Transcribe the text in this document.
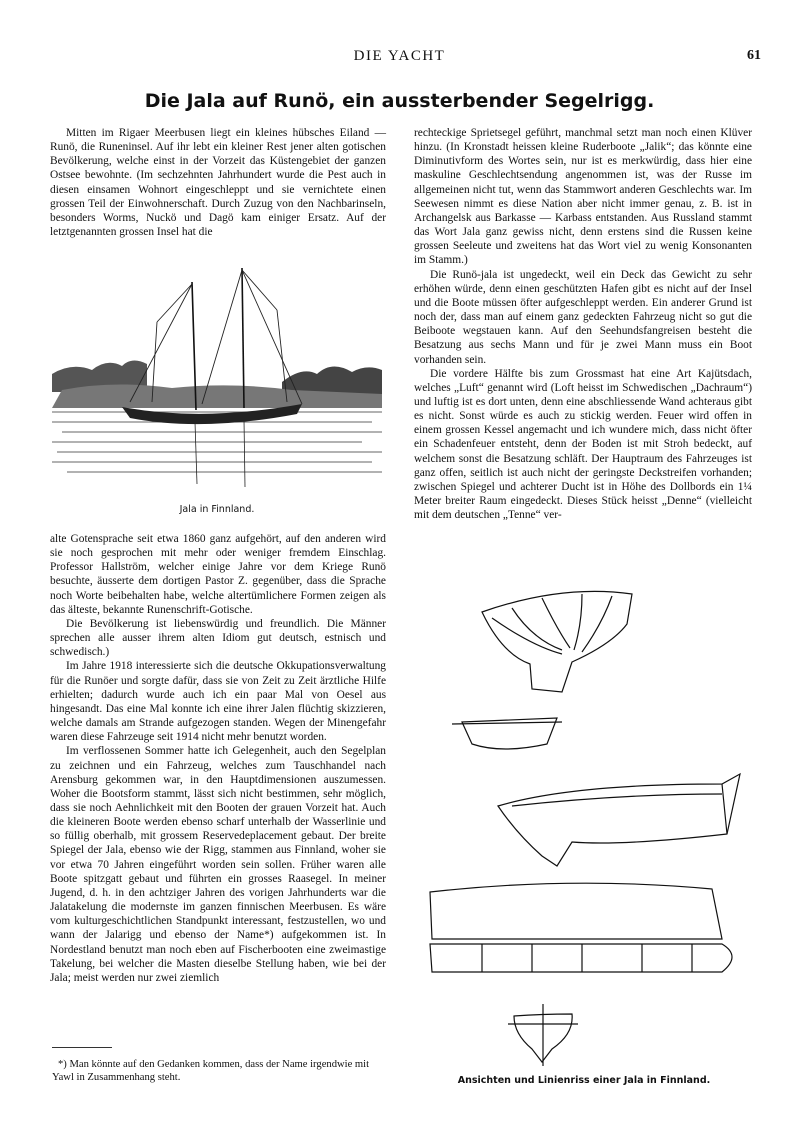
DIE YACHT	61
Die Jala auf Runö, ein aussterbender Segelrigg.

Mitten im Rigaer Meerbusen liegt ein kleines hübsches Eiland — Runö, die Runeninsel. Auf ihr lebt ein kleiner Rest jener alten gotischen Bevölkerung, welche einst in der Vorzeit das Küstengebiet der ganzen Ostsee bewohnte. (Im sechzehnten Jahrhundert wurde die Pest auch in diesen einsamen Wohnort eingeschleppt und sie vernichtete einen grossen Teil der Einwohnerschaft. Durch Zuzug von den Nachbarinseln, besonders Worms, Nuckö und Dagö kam einiger Ersatz. Auf der letztgenannten grossen Insel hat die

Jala in Finnland.

alte Gotensprache seit etwa 1860 ganz aufgehört, auf den anderen wird sie noch gesprochen mit mehr oder weniger fremdem Einschlag. Professor Hallström, welcher einige Jahre vor dem Kriege Runö besuchte, äusserte dem dortigen Pastor Z. gegenüber, dass die Sprache noch Worte beibehalten habe, welche altertümlichere Formen zeigen als das älteste, bekannte Runenschrift-Gotische.

Die Bevölkerung ist liebenswürdig und freundlich. Die Männer sprechen alle ausser ihrem alten Idiom gut deutsch, estnisch und schwedisch.)

Im Jahre 1918 interessierte sich die deutsche Okkupationsverwaltung für die Runöer und sorgte dafür, dass sie von Zeit zu Zeit ärztliche Hilfe erhielten; dadurch wurde auch ich ein paar Mal von Oesel aus hingesandt. Das eine Mal konnte ich eine ihrer Jalen flüchtig skizzieren, welche damals am Strande aufgezogen standen. Wegen der Minengefahr waren diese Fahrzeuge seit 1914 nicht mehr benutzt worden.

Im verflossenen Sommer hatte ich Gelegenheit, auch den Segelplan zu zeichnen und ein Fahrzeug, welches zum Tauschhandel nach Arensburg gekommen war, in den Hauptdimensionen auszumessen. Woher die Bootsform stammt, lässt sich nicht bestimmen, sehr möglich, dass sie noch Aehnlichkeit mit den Booten der grauen Vorzeit hat. Auch die kleineren Boote werden ebenso scharf unterhalb der Wasserlinie und so füllig oberhalb, mit grossem Reservedeplacement gebaut. Der breite Spiegel der Jala, ebenso wie der Rigg, stammen aus Finnland, woher sie vor etwa 70 Jahren eingeführt worden sein sollen. Früher waren alle Boote spitzgatt gebaut und führten ein grosses Raasegel. In meiner Jugend, d. h. in den achtziger Jahren des vorigen Jahrhunderts war die Jalatakelung die modernste im ganzen finnischen Meerbusen. Es wäre vom kulturgeschichtlichen Standpunkt interessant, festzustellen, wo und wann der Jalarigg und ebenso der Name*) aufgekommen ist. In Nordestland benutzt man noch eben auf Fischerbooten eine zweimastige Takelung, bei welcher die Masten dieselbe Stellung haben, wie bei der Jala; meist werden nur zwei ziemlich

*) Man könnte auf den Gedanken kommen, dass der Name irgendwie mit Yawl in Zusammenhang steht.

rechteckige Sprietsegel geführt, manchmal setzt man noch einen Klüver hinzu. (In Kronstadt heissen kleine Ruderboote „Jalik“; das könnte eine Diminutivform des Wortes sein, nur ist es merkwürdig, dass hier eine maskuline Geschlechtsendung angenommen ist, was der Russe im allgemeinen nicht tut, wenn das Stammwort anderen Geschlechts war. Im Seewesen nimmt es diese Nation aber nicht immer genau, z. B. ist in Archangelsk aus Barkasse — Karbass entstanden. Aus Russland stammt das Wort Jala ganz gewiss nicht, denn erstens sind die Russen keine grossen Seeleute und zweitens hat das Wort viel zu wenig Konsonanten im Stamm.)

Die Runö-jala ist ungedeckt, weil ein Deck das Gewicht zu sehr erhöhen würde, denn einen geschützten Hafen gibt es nicht auf der Insel und die Boote müssen öfter aufgeschleppt werden. Ein anderer Grund ist noch der, dass man auf einem ganz gedeckten Fahrzeug nicht so gut die Beiboote wegstauen kann. Auf den Seehundsfangreisen besteht die Besatzung aus sechs Mann und für je zwei Mann muss ein Boot vorhanden sein.

Die vordere Hälfte bis zum Grossmast hat eine Art Kajütsdach, welches „Luft“ genannt wird (Loft heisst im Schwedischen „Dachraum“) und luftig ist es dort unten, denn eine abschliessende Wand achteraus gibt es nicht. Sonst würde es auch zu stickig werden. Feuer wird offen in einem grossen Kessel angemacht und ich wundere mich, dass nicht öfter ein Schadenfeuer entsteht, denn der Boden ist mit Stroh bedeckt, auf welchem sonst die Besatzung schläft. Der Hauptraum des Fahrzeuges ist ganz offen, seitlich ist auch nicht der geringste Deckstreifen vorhanden; zwischen Spiegel und achterer Ducht ist in Höhe des Dollbords ein 1¼ Meter breiter Raum eingedeckt. Dieses Stück heisst „Denne“ (vielleicht mit dem deutschen „Tenne“ ver-

Ansichten und Linienriss einer Jala in Finnland.
